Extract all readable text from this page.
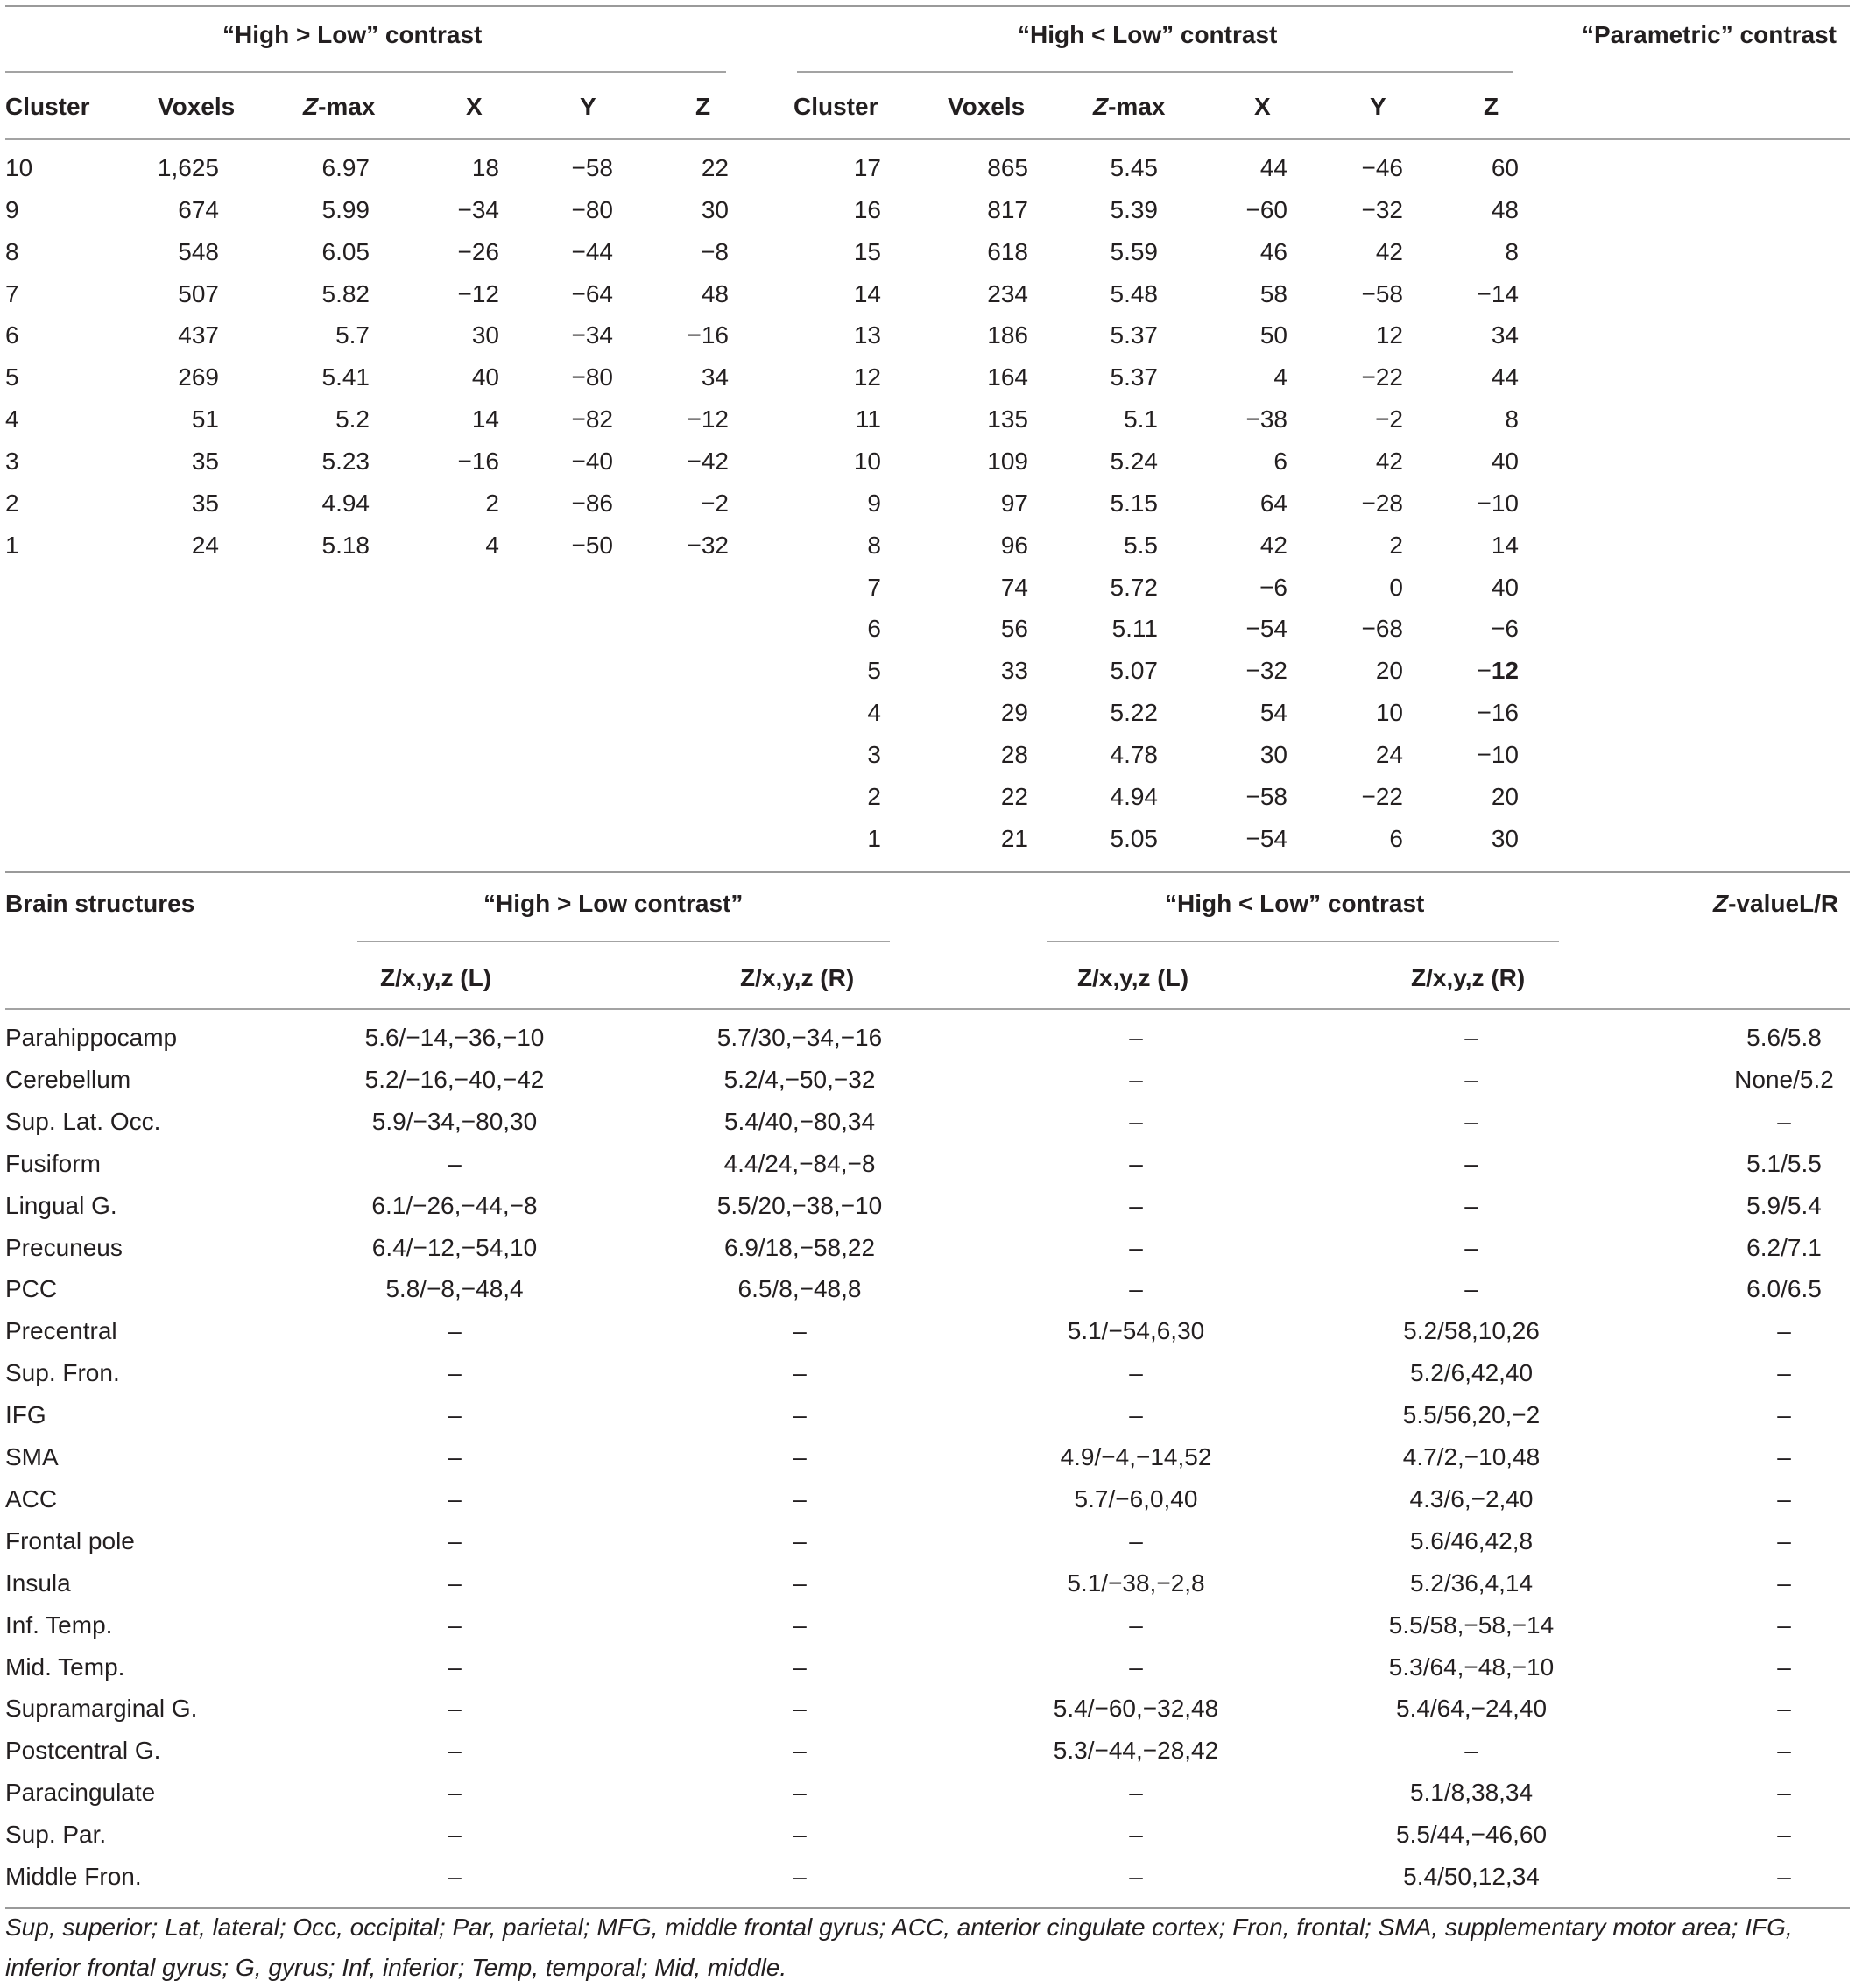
“High > Low” contrast	“High < Low” contrast	“Parametric” contrast
Cluster	Voxels	Z-max	X	Y	Z	Cluster	Voxels	Z-max	X	Y	Z
10	1,625	6.97	18	−58	22
9	674	5.99	−34	−80	30
8	548	6.05	−26	−44	−8
7	507	5.82	−12	−64	48
6	437	5.7	30	−34	−16
5	269	5.41	40	−80	34
4	51	5.2	14	−82	−12
3	35	5.23	−16	−40	−42
2	35	4.94	2	−86	−2
1	24	5.18	4	−50	−32
17	865	5.45	44	−46	60
16	817	5.39	−60	−32	48
15	618	5.59	46	42	8
14	234	5.48	58	−58	−14
13	186	5.37	50	12	34
12	164	5.37	4	−22	44
11	135	5.1	−38	−2	8
10	109	5.24	6	42	40
9	97	5.15	64	−28	−10
8	96	5.5	42	2	14
7	74	5.72	−6	0	40
6	56	5.11	−54	−68	−6
5	33	5.07	−32	20	−12
4	29	5.22	54	10	−16
3	28	4.78	30	24	−10
2	22	4.94	−58	−22	20
1	21	5.05	−54	6	30
Brain structures	“High > Low contrast”	“High < Low” contrast	Z-valueL/R
Z/x,y,z (L)	Z/x,y,z (R)	Z/x,y,z (L)	Z/x,y,z (R)
Parahippocamp	5.6/−14,−36,−10	5.7/30,−34,−16	–	–	5.6/5.8
Cerebellum	5.2/−16,−40,−42	5.2/4,−50,−32	–	–	None/5.2
Sup. Lat. Occ.	5.9/−34,−80,30	5.4/40,−80,34	–	–	–
Fusiform	–	4.4/24,−84,−8	–	–	5.1/5.5
Lingual G.	6.1/−26,−44,−8	5.5/20,−38,−10	–	–	5.9/5.4
Precuneus	6.4/−12,−54,10	6.9/18,−58,22	–	–	6.2/7.1
PCC	5.8/−8,−48,4	6.5/8,−48,8	–	–	6.0/6.5
Precentral	–	–	5.1/−54,6,30	5.2/58,10,26	–
Sup. Fron.	–	–	–	5.2/6,42,40	–
IFG	–	–	–	5.5/56,20,−2	–
SMA	–	–	4.9/−4,−14,52	4.7/2,−10,48	–
ACC	–	–	5.7/−6,0,40	4.3/6,−2,40	–
Frontal pole	–	–	–	5.6/46,42,8	–
Insula	–	–	5.1/−38,−2,8	5.2/36,4,14	–
Inf. Temp.	–	–	–	5.5/58,−58,−14	–
Mid. Temp.	–	–	–	5.3/64,−48,−10	–
Supramarginal G.	–	–	5.4/−60,−32,48	5.4/64,−24,40	–
Postcentral G.	–	–	5.3/−44,−28,42	–	–
Paracingulate	–	–	–	5.1/8,38,34	–
Sup. Par.	–	–	–	5.5/44,−46,60	–
Middle Fron.	–	–	–	5.4/50,12,34	–
Sup, superior; Lat, lateral; Occ, occipital; Par, parietal; MFG, middle frontal gyrus; ACC, anterior cingulate cortex; Fron, frontal; SMA, supplementary motor area; IFG, inferior frontal gyrus; G, gyrus; Inf, inferior; Temp, temporal; Mid, middle.
